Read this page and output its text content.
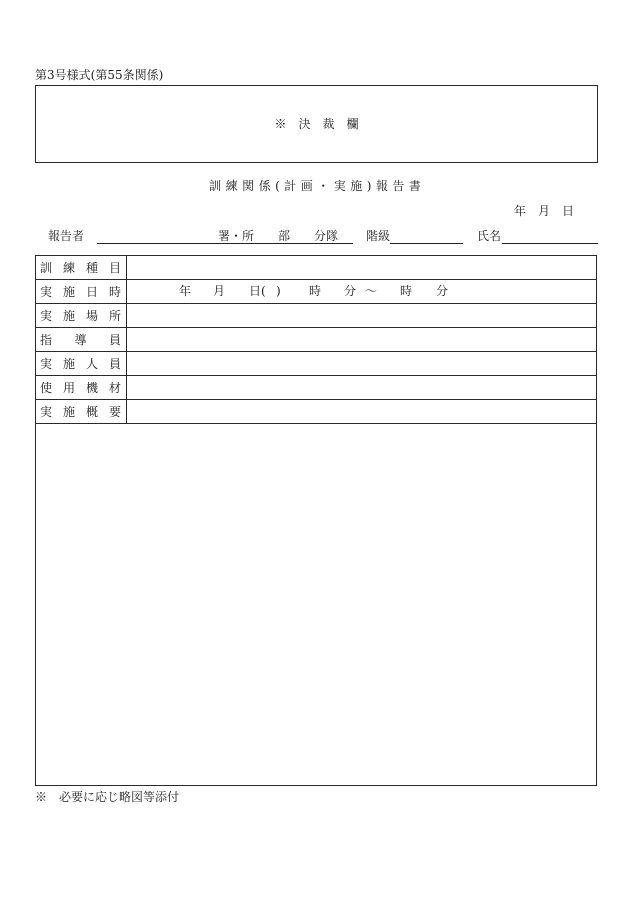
第3号様式(第55条関係)
※決裁欄
訓練関係(計画・実施)報告書
年 月 日
報告者	署・所 部 分隊 階級	氏名
訓 練 種 目
実 施 日 時	年 月 日( ) 時 分 ～ 時 分
実 施 場 所
指 導 員
実 施 人 員
使 用 機 材
実 施 概 要
※　必要に応じ略図等添付
